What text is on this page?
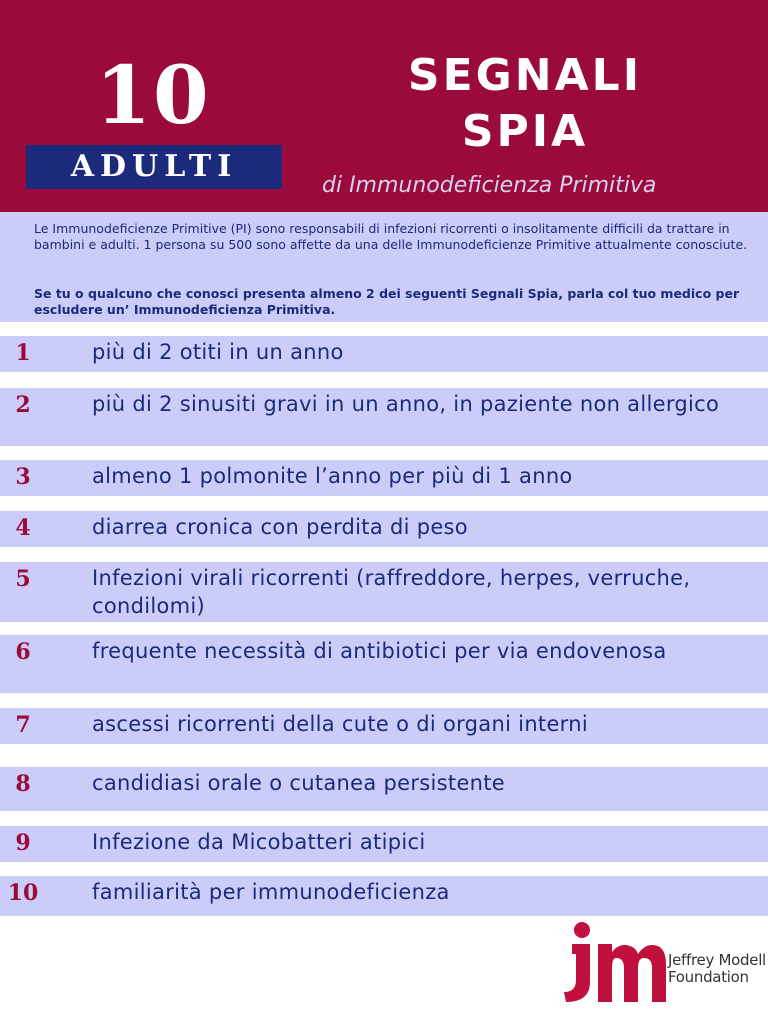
10
ADULTI
SEGNALI
SPIA
di Immunodeficienza Primitiva
Le Immunodeficienze Primitive (PI) sono responsabili di infezioni ricorrenti o insolitamente difficili da trattare in bambini e adulti. 1 persona su 500 sono affette da una delle Immunodeficienze Primitive attualmente conosciute.
Se tu o qualcuno che conosci presenta almeno 2 dei seguenti Segnali Spia, parla col tuo medico per escludere un’ Immunodeficienza Primitiva.
1	più di 2 otiti in un anno
2	più di 2 sinusiti gravi in un anno, in paziente non allergico
3	almeno 1 polmonite l’anno per più di 1 anno
4	diarrea cronica con perdita di peso
5	Infezioni virali ricorrenti (raffreddore, herpes, verruche, condilomi)
6	frequente necessità di antibiotici per via endovenosa
7	ascessi ricorrenti della cute o di organi interni
8	candidiasi orale o cutanea persistente
9	Infezione da Micobatteri atipici
10	familiarità per immunodeficienza
Jeffrey Modell
Foundation
